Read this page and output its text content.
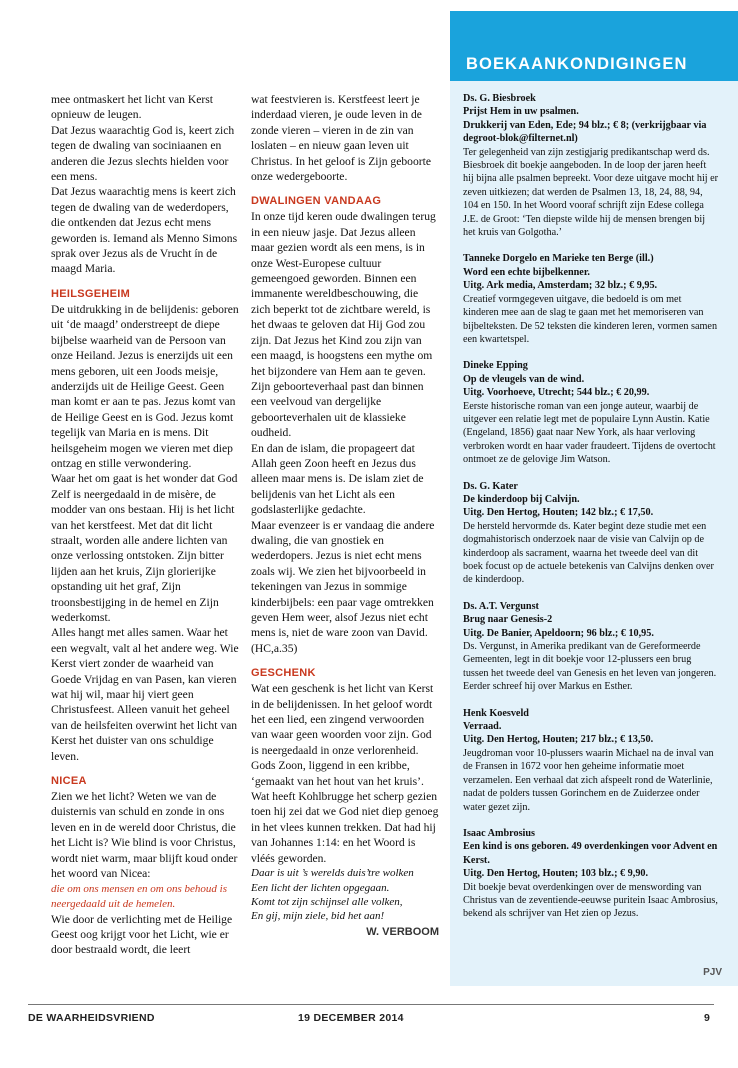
mee ontmaskert het licht van Kerst opnieuw de leugen.

Dat Jezus waarachtig God is, keert zich tegen de dwaling van sociniaanen en anderen die Jezus slechts hielden voor een mens.

Dat Jezus waarachtig mens is keert zich tegen de dwaling van de wederdopers, die ontkenden dat Jezus echt mens geworden is. Iemand als Menno Simons sprak over Jezus als de Vrucht ín de maagd Maria.

HEILSGEHEIM

De uitdrukking in de belijdenis: geboren uit ‘de maagd’ onderstreept de diepe bijbelse waarheid van de Persoon van onze Heiland. Jezus is enerzijds uit een mens geboren, uit een Joods meisje, anderzijds uit de Heilige Geest. Geen man komt er aan te pas. Jezus komt van de Heilige Geest en is God. Jezus komt tegelijk van Maria en is mens. Dit heilsgeheim mogen we vieren met diep ontzag en stille verwondering.

Waar het om gaat is het wonder dat God Zelf is neergedaald in de misère, de modder van ons bestaan. Hij is het licht van het kerstfeest. Met dat dit licht straalt, worden alle andere lichten van onze verlossing ontstoken. Zijn bitter lijden aan het kruis, Zijn glorierijke opstanding uit het graf, Zijn troonsbestijging in de hemel en Zijn wederkomst.

Alles hangt met alles samen. Waar het een wegvalt, valt al het andere weg. Wie Kerst viert zonder de waarheid van Goede Vrijdag en van Pasen, kan vieren wat hij wil, maar hij viert geen Christusfeest. Alleen vanuit het geheel van de heilsfeiten overwint het licht van Kerst het duister van ons schuldige leven.

NICEA

Zien we het licht? Weten we van de duisternis van schuld en zonde in ons leven en in de wereld door Christus, die het Licht is? Wie blind is voor Christus, wordt niet warm, maar blijft koud onder het woord van Nicea:

die om ons mensen en om ons behoud is neergedaald uit de hemelen.

Wie door de verlichting met de Heilige Geest oog krijgt voor het Licht, wie er door bestraald wordt, die leert

wat feestvieren is. Kerstfeest leert je inderdaad vieren, je oude leven in de zonde vieren – vieren in de zin van loslaten – en nieuw gaan leven uit Christus. In het geloof is Zijn geboorte onze wedergeboorte.

DWALINGEN VANDAAG

In onze tijd keren oude dwalingen terug in een nieuw jasje. Dat Jezus alleen maar gezien wordt als een mens, is in onze West-Europese cultuur gemeengoed geworden. Binnen een immanente wereldbeschouwing, die zich beperkt tot de zichtbare wereld, is het dwaas te geloven dat Hij God zou zijn. Dat Jezus het Kind zou zijn van een maagd, is hoogstens een mythe om het bijzondere van Hem aan te geven. Zijn geboorteverhaal past dan binnen een veelvoud van dergelijke geboorteverhalen uit de klassieke oudheid.

En dan de islam, die propageert dat Allah geen Zoon heeft en Jezus dus alleen maar mens is. De islam ziet de belijdenis van het Licht als een godslasterlijke gedachte.

Maar evenzeer is er vandaag die andere dwaling, die van gnostiek en wederdopers. Jezus is niet echt mens zoals wij. We zien het bijvoorbeeld in tekeningen van Jezus in sommige kinderbijbels: een paar vage omtrekken geven Hem weer, alsof Jezus niet echt mens is, niet de ware zoon van David. (HC,a.35)

GESCHENK

Wat een geschenk is het licht van Kerst in de belijdenissen. In het geloof wordt het een lied, een zingend verwoorden van waar geen woorden voor zijn. God is neergedaald in onze verlorenheid. Gods Zoon, liggend in een kribbe, ‘gemaakt van het hout van het kruis’.

Wat heeft Kohlbrugge het scherp gezien toen hij zei dat we God niet diep genoeg in het vlees kunnen trekken. Dat had hij van Johannes 1:14: en het Woord is vléés geworden.

Daar is uit ’s werelds duis’tre wolken

Een licht der lichten opgegaan.

Komt tot zijn schijnsel alle volken,

En gij, mijn ziele, bid het aan!

W. VERBOOM

BOEKAANKONDIGINGEN
PJV

Ds. G. Biesbroek

Prijst Hem in uw psalmen.

Drukkerij van Eden, Ede; 94 blz.; € 8; (verkrijgbaar via degroot-blok@filternet.nl)

Ter gelegenheid van zijn zestigjarig predikantschap werd ds. Biesbroek dit boekje aangeboden. In de loop der jaren heeft hij bijna alle psalmen bepreekt. Voor deze uitgave mocht hij er zeven uitkiezen; dat werden de Psalmen 13, 18, 24, 88, 94, 104 en 150. In het Woord vooraf schrijft zijn Edese collega J.E. de Groot: ‘Ten diepste wilde hij de mensen brengen bij het kruis van Golgotha.’

Tanneke Dorgelo en Marieke ten Berge (ill.)

Word een echte bijbelkenner.

Uitg. Ark media, Amsterdam; 32 blz.; € 9,95.

Creatief vormgegeven uitgave, die bedoeld is om met kinderen mee aan de slag te gaan met het memoriseren van bijbelteksten. De 52 teksten die kinderen leren, vormen samen een kwartetspel.

Dineke Epping

Op de vleugels van de wind.

Uitg. Voorhoeve, Utrecht; 544 blz.; € 20,99.

Eerste historische roman van een jonge auteur, waarbij de uitgever een relatie legt met de populaire Lynn Austin. Katie (Engeland, 1856) gaat naar New York, als haar verloving verbroken wordt en haar vader fraudeert. Tijdens de overtocht ontmoet ze de gelovige Jim Watson.

Ds. G. Kater

De kinderdoop bij Calvijn.

Uitg. Den Hertog, Houten; 142 blz.; € 17,50.

De hersteld hervormde ds. Kater begint deze studie met een dogmahistorisch onderzoek naar de visie van Calvijn op de kinderdoop als sacrament, waarna het tweede deel van dit boek focust op de actuele betekenis van Calvijns denken over de kinderdoop.

Ds. A.T. Vergunst

Brug naar Genesis-2

Uitg. De Banier, Apeldoorn; 96 blz.; € 10,95.

Ds. Vergunst, in Amerika predikant van de Gereformeerde Gemeenten, legt in dit boekje voor 12-plussers een brug tussen het tweede deel van Genesis en het leven van jongeren. Eerder schreef hij over Markus en Esther.

Henk Koesveld

Verraad.

Uitg. Den Hertog, Houten; 217 blz.; € 13,50.

Jeugdroman voor 10-plussers waarin Michael na de inval van de Fransen in 1672 voor hen geheime informatie moet verzamelen. Een verhaal dat zich afspeelt rond de Waterlinie, nadat de polders tussen Gorinchem en de Zuiderzee onder water gezet zijn.

Isaac Ambrosius

Een kind is ons geboren. 49 overdenkingen voor Advent en Kerst.

Uitg. Den Hertog, Houten; 103 blz.; € 9,90.

Dit boekje bevat overdenkingen over de menswording van Christus van de zeventiende-eeuwse puritein Isaac Ambrosius, bekend als schrijver van Het zien op Jezus.

DE WAARHEIDSVRIEND	19 DECEMBER 2014	9
